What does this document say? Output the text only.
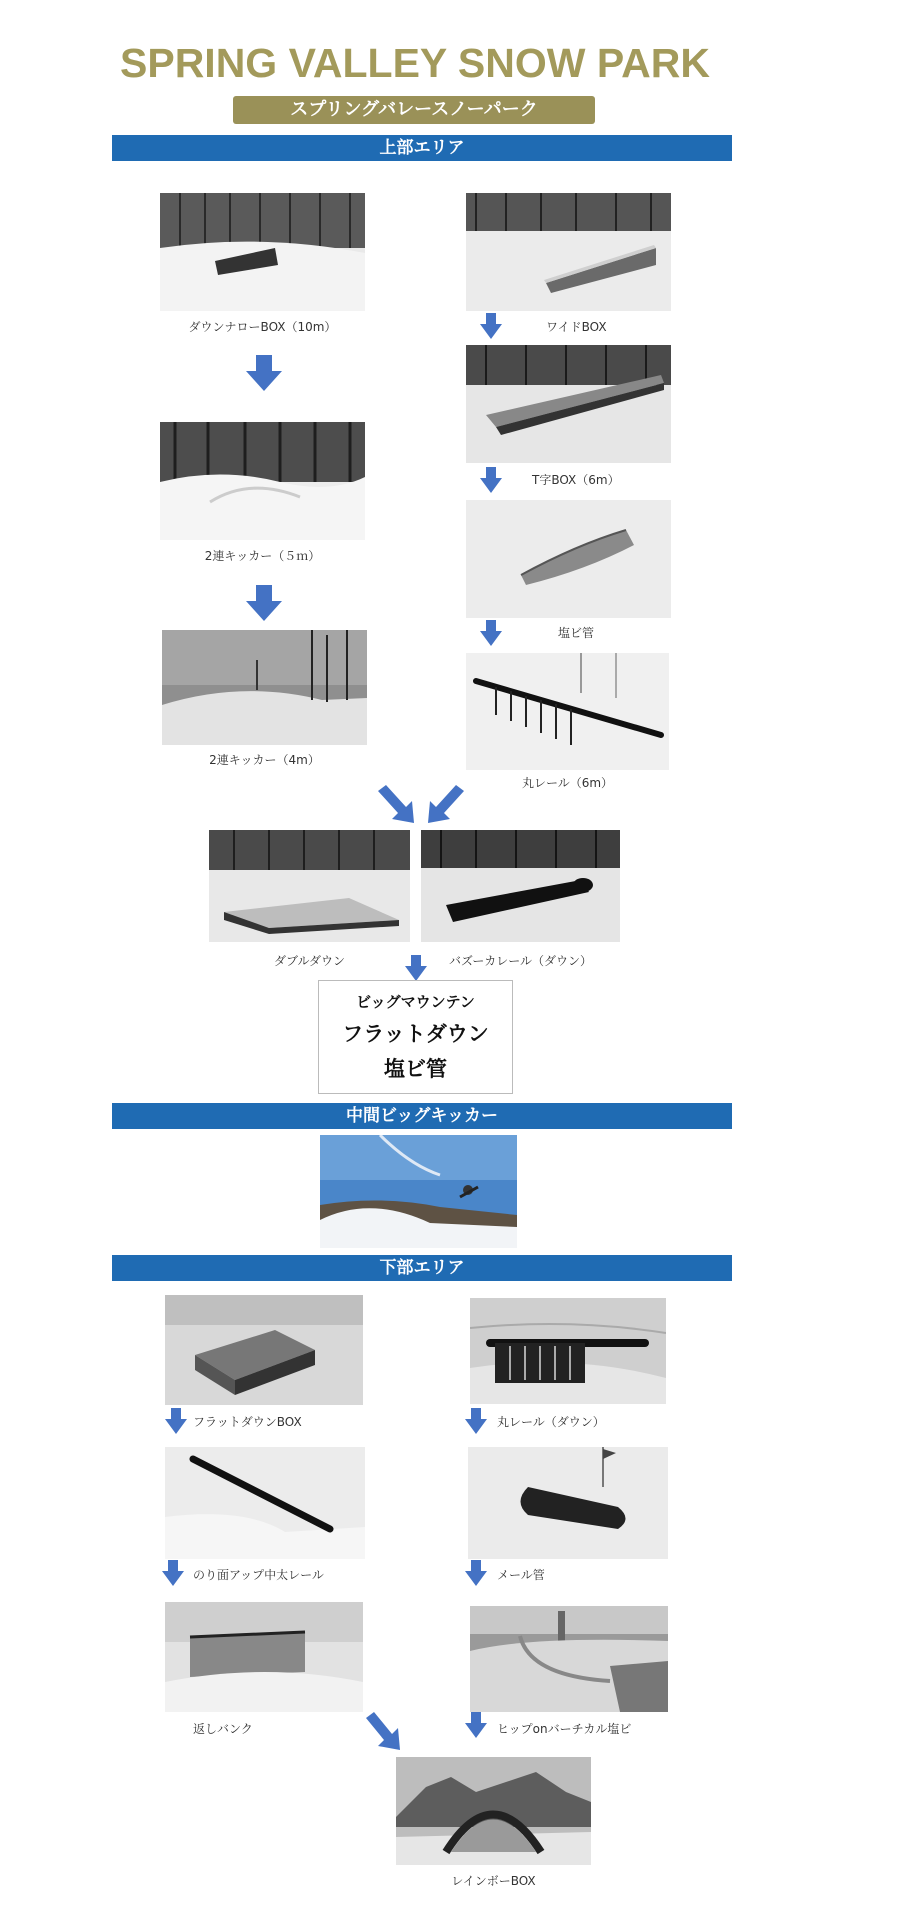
SPRING VALLEY SNOW PARK
スプリングバレースノーパーク
上部エリア
ダウンナローBOX（10m）
2連キッカー（５ｍ）
2連キッカー（4m）
ワイドBOX
T字BOX（6m）
塩ビ管
丸レール（6m）
ダブルダウン	バズーカレール（ダウン）
ビッグマウンテン
フラットダウン
塩ビ管
中間ビッグキッカー
下部エリア
フラットダウンBOX
のり面アップ中太レール
返しバンク
丸レール（ダウン）
メール管
ヒップonバーチカル塩ビ
レインボーBOX
